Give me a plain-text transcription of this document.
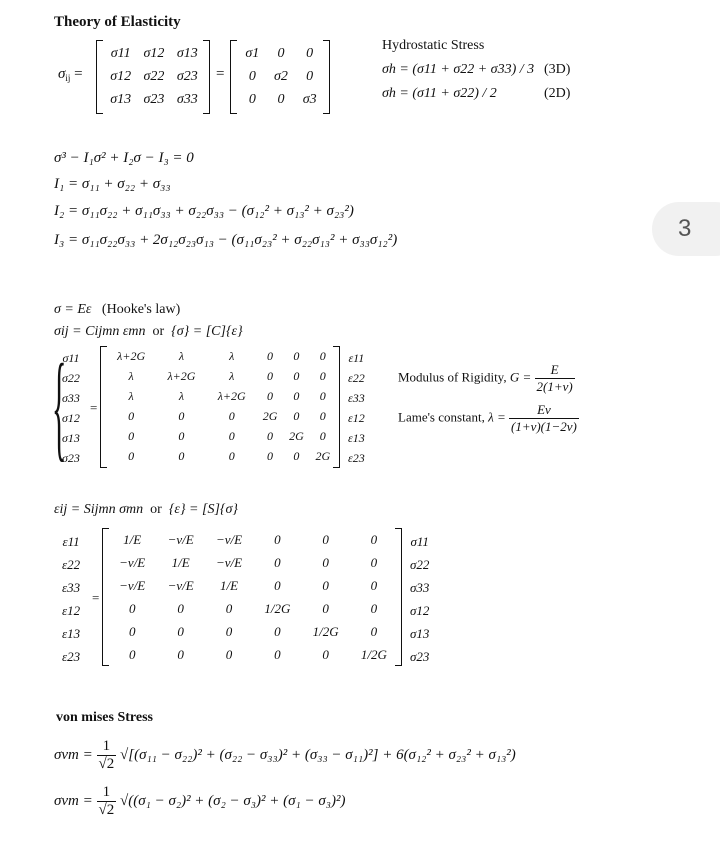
3
Theory of Elasticity
$\sigma_{ij}$ =
σ11	σ12	σ13
σ12	σ22	σ23
σ13	σ23	σ33
=
σ1	0	0
0	σ2	0
0	0	σ3
Hydrostatic Stress
σh = (σ11 + σ22 + σ33) / 3 (3D)
σh = (σ11 + σ22) / 2	(2D)
σ³ − I₁σ² + I₂σ − I₃ = 0
I₁ = σ₁₁ + σ₂₂ + σ₃₃
I₂ = σ₁₁σ₂₂ + σ₁₁σ₃₃ + σ₂₂σ₃₃ − (σ₁₂² + σ₁₃² + σ₂₃²)
I₃ = σ₁₁σ₂₂σ₃₃ + 2σ₁₂σ₂₃σ₁₃ − (σ₁₁σ₂₃² + σ₂₂σ₁₃² + σ₃₃σ₁₂²)
σ = Eε (Hooke's law)
σij = Cijmn εmn or {σ} = [C]{ε}
{
σ11
σ22
σ33
σ12
σ13
σ23
=
λ+2G	λ	λ	0	0	0
λ	λ+2G	λ	0	0	0
λ	λ	λ+2G	0	0	0
0	0	0	2G	0	0
0	0	0	0	2G	0
0	0	0	0	0	2G
ε11
ε22
ε33
ε12
ε13
ε23
Modulus of Rigidity, $G = \frac{E}{2(1+\nu)}$
Lame's constant, $\lambda = \frac{E\nu}{(1+\nu)(1-2\nu)}$
εij = Sijmn σmn or {ε} = [S]{σ}
ε11
ε22
ε33
ε12
ε13
ε23
=
1/E	−ν/E	−ν/E	0	0	0
−ν/E	1/E	−ν/E	0	0	0
−ν/E	−ν/E	1/E	0	0	0
0	0	0	1/2G	0	0
0	0	0	0	1/2G	0
0	0	0	0	0	1/2G
σ11
σ22
σ33
σ12
σ13
σ23
von mises Stress
$\sigma vm = \frac{1}{√2} √[(\sigma_{11} - \sigma_{22})^2 + (\sigma_{22} - \sigma_{33})^2 + (\sigma_{33} - \sigma_{11})^2] + 6(\sigma_{12}^2 + \sigma_{23}^2 + \sigma_{13}^2)$
$\sigma vm = \frac{1}{√2} √((\sigma_1 - \sigma_2)^2 + (\sigma_2 - \sigma_3)^2 + (\sigma_1 - \sigma_3)^2)$
